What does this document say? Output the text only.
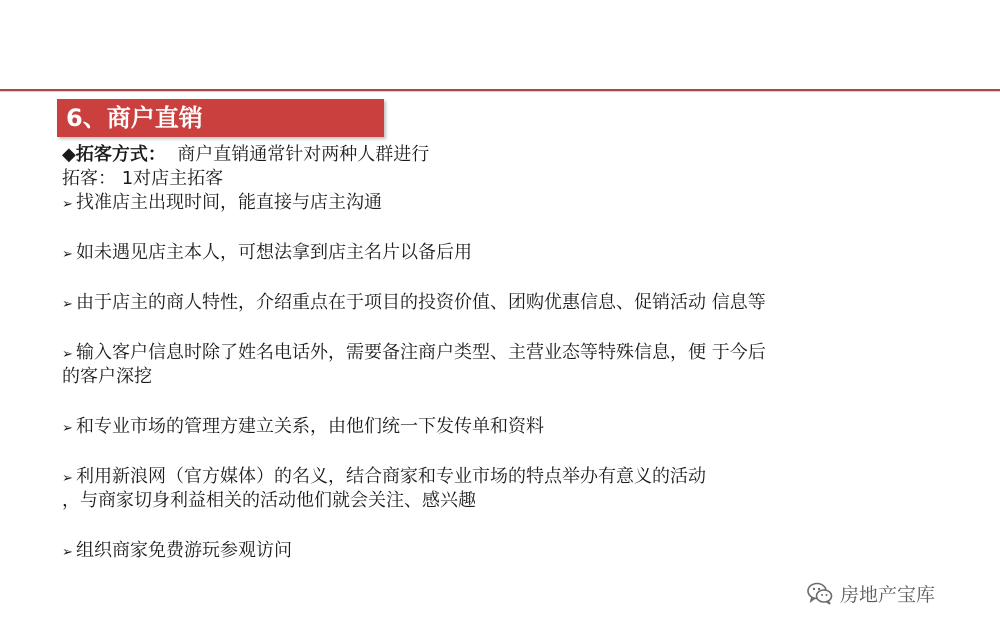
6、商户直销
◆拓客方式： 商户直销通常针对两种人群进行
拓客： 1对店主拓客
➢ 找准店主出现时间，能直接与店主沟通
➢ 如未遇见店主本人，可想法拿到店主名片以备后用
➢ 由于店主的商人特性，介绍重点在于项目的投资价值、团购优惠信息、促销活动 信息等
➢ 输入客户信息时除了姓名电话外，需要备注商户类型、主营业态等特殊信息，便 于今后
的客户深挖
➢ 和专业市场的管理方建立关系，由他们统一下发传单和资料
➢ 利用新浪网（官方媒体）的名义，结合商家和专业市场的特点举办有意义的活动
，与商家切身利益相关的活动他们就会关注、感兴趣
➢ 组织商家免费游玩参观访问
房地产宝库
